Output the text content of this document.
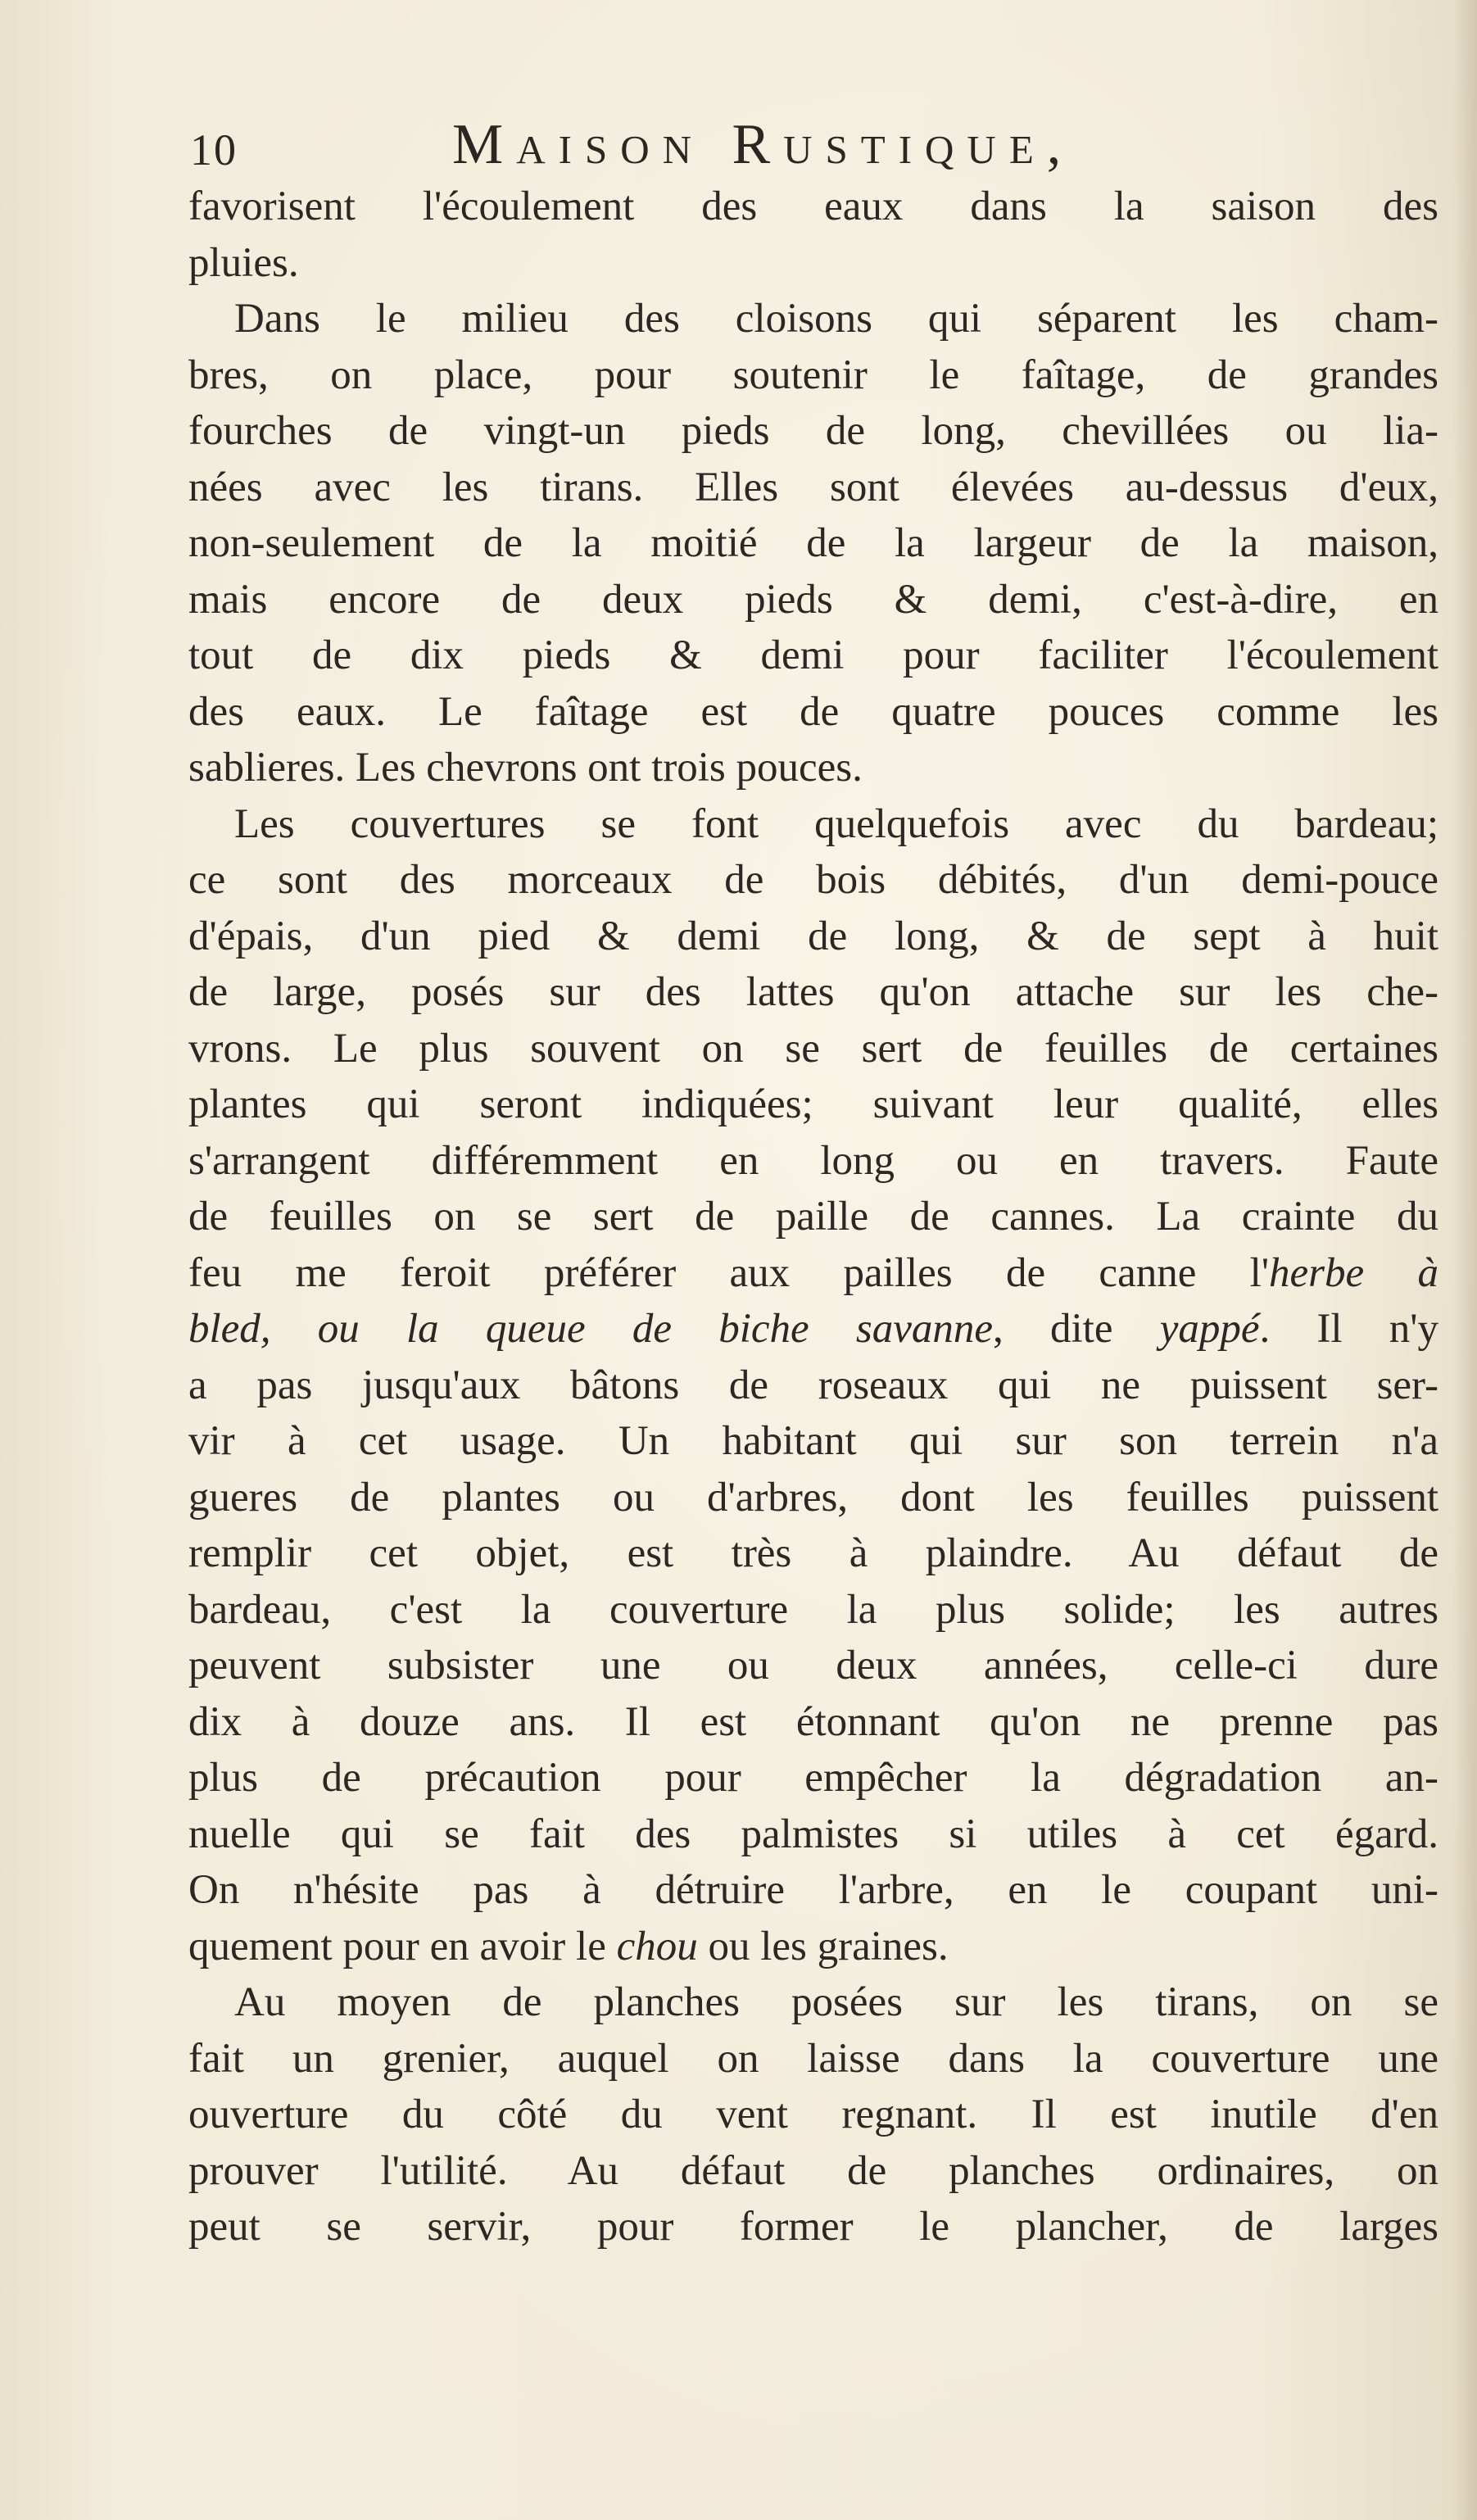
10	Maison Rustique,
favorisent l'écoulement des eaux dans la saison des
pluies.
Dans le milieu des cloisons qui séparent les cham-
bres, on place, pour soutenir le faîtage, de grandes
fourches de vingt-un pieds de long, chevillées ou lia-
nées avec les tirans. Elles sont élevées au-dessus d'eux,
non-seulement de la moitié de la largeur de la maison,
mais encore de deux pieds & demi, c'est-à-dire, en
tout de dix pieds & demi pour faciliter l'écoulement
des eaux. Le faîtage est de quatre pouces comme les
sablieres. Les chevrons ont trois pouces.
Les couvertures se font quelquefois avec du bardeau;
ce sont des morceaux de bois débités, d'un demi-pouce
d'épais, d'un pied & demi de long, & de sept à huit
de large, posés sur des lattes qu'on attache sur les che-
vrons. Le plus souvent on se sert de feuilles de certaines
plantes qui seront indiquées; suivant leur qualité, elles
s'arrangent différemment en long ou en travers. Faute
de feuilles on se sert de paille de cannes. La crainte du
feu me feroit préférer aux pailles de canne l'herbe à
bled, ou la queue de biche savanne, dite yappé. Il n'y
a pas jusqu'aux bâtons de roseaux qui ne puissent ser-
vir à cet usage. Un habitant qui sur son terrein n'a
gueres de plantes ou d'arbres, dont les feuilles puissent
remplir cet objet, est très à plaindre. Au défaut de
bardeau, c'est la couverture la plus solide; les autres
peuvent subsister une ou deux années, celle-ci dure
dix à douze ans. Il est étonnant qu'on ne prenne pas
plus de précaution pour empêcher la dégradation an-
nuelle qui se fait des palmistes si utiles à cet égard.
On n'hésite pas à détruire l'arbre, en le coupant uni-
quement pour en avoir le chou ou les graines.
Au moyen de planches posées sur les tirans, on se
fait un grenier, auquel on laisse dans la couverture une
ouverture du côté du vent regnant. Il est inutile d'en
prouver l'utilité. Au défaut de planches ordinaires, on
peut se servir, pour former le plancher, de larges
